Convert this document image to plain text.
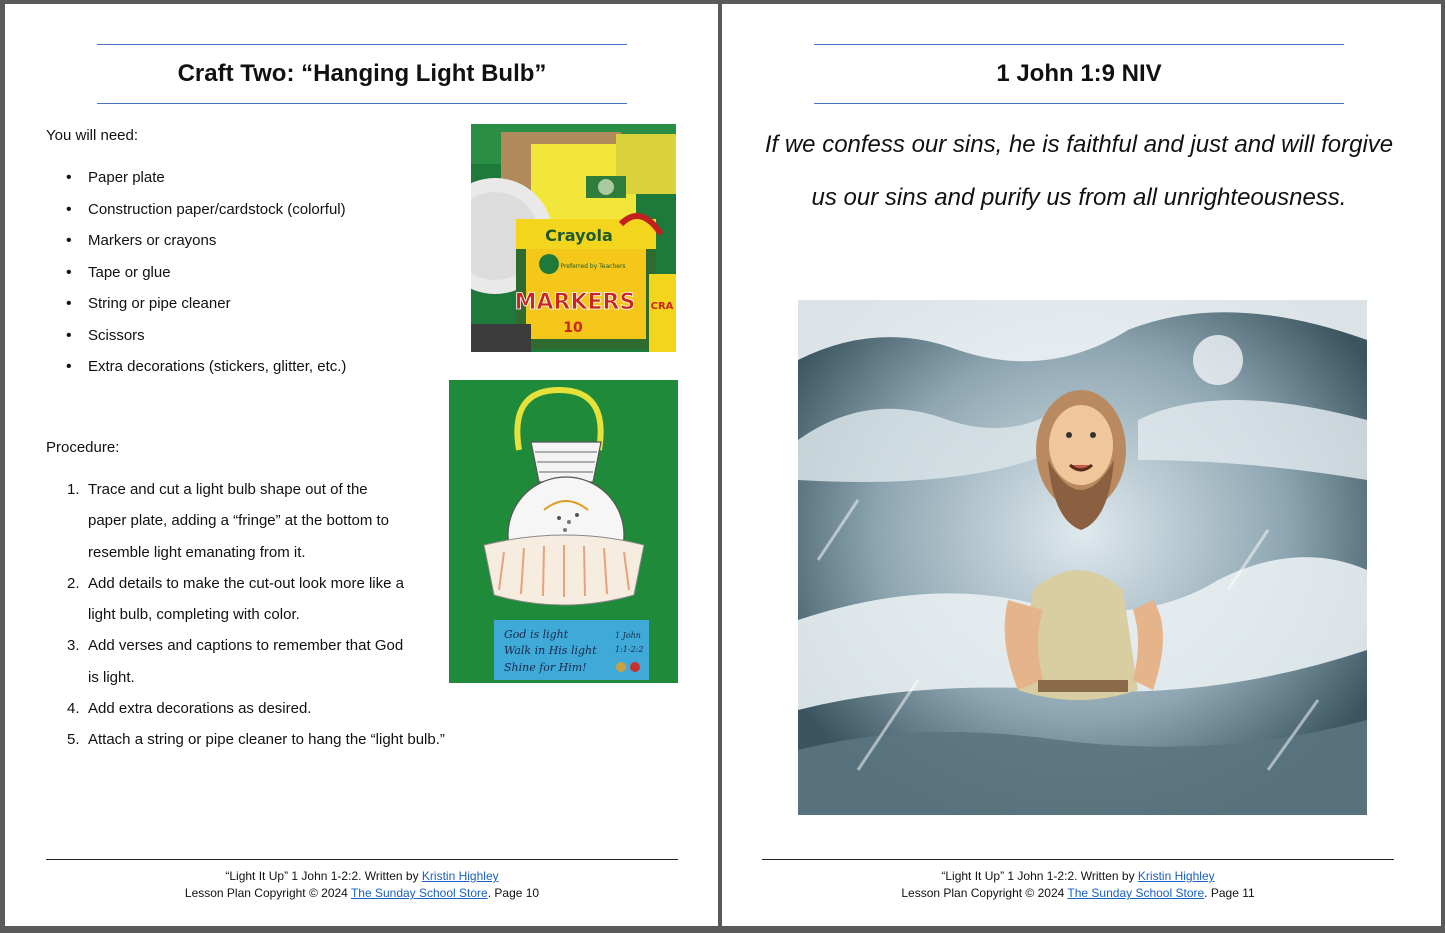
Craft Two: “Hanging Light Bulb”
You will need:
• Paper plate
• Construction paper/cardstock (colorful)
• Markers or crayons
• Tape or glue
• String or pipe cleaner
• Scissors
• Extra decorations (stickers, glitter, etc.)
Crayola
Preferred by Teachers
MARKERS
10
CRA
Procedure:
1. Trace and cut a light bulb shape out of the paper plate, adding a “fringe” at the bottom to resemble light emanating from it.
2. Add details to make the cut-out look more like a light bulb, completing with color.
3. Add verses and captions to remember that God is light.
4. Add extra decorations as desired.
5. Attach a string or pipe cleaner to hang the “light bulb.”
God is light
Walk in His light
Shine for Him!
1 John
1:1-2:2
“Light It Up” 1 John 1-2:2. Written by Kristin Highley
Lesson Plan Copyright © 2024 The Sunday School Store. Page 10
1 John 1:9 NIV
If we confess our sins, he is faithful and just and will forgive us our sins and purify us from all unrighteousness.
“Light It Up” 1 John 1-2:2. Written by Kristin Highley
Lesson Plan Copyright © 2024 The Sunday School Store. Page 11
